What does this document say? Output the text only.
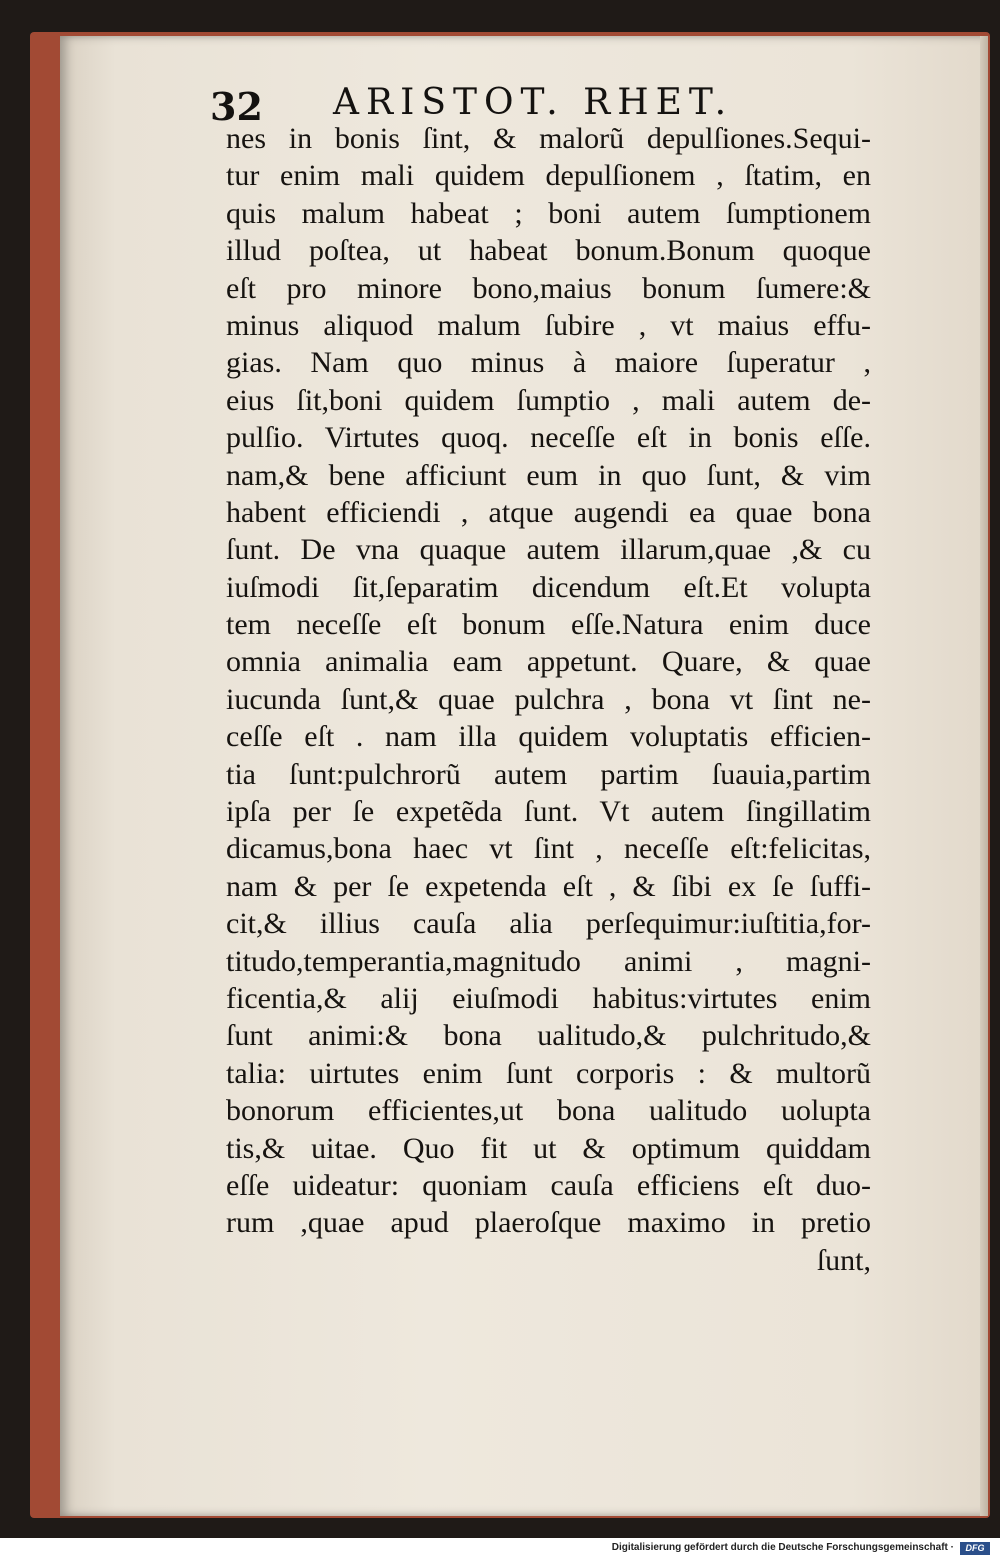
32 ARISTOT. RHET.
nes in bonis ſint, & malorũ depulſiones.Sequi-
tur enim mali quidem depulſionem , ſtatim, en
quis malum habeat ; boni autem ſumptionem
illud poſtea, ut habeat bonum.Bonum quoque
eſt pro minore bono,maius bonum ſumere:&
minus aliquod malum ſubire , vt maius effu-
gias. Nam quo minus à maiore ſuperatur ,
eius ſit,boni quidem ſumptio , mali autem de-
pulſio. Virtutes quoq. neceſſe eſt in bonis eſſe.
nam,& bene afficiunt eum in quo ſunt, & vim
habent efficiendi , atque augendi ea quae bona
ſunt. De vna quaque autem illarum,quae ,& cu
iuſmodi ſit,ſeparatim dicendum eſt.Et volupta
tem neceſſe eſt bonum eſſe.Natura enim duce
omnia animalia eam appetunt. Quare, & quae
iucunda ſunt,& quae pulchra , bona vt ſint ne-
ceſſe eſt . nam illa quidem voluptatis efficien-
tia ſunt:pulchrorũ autem partim ſuauia,partim
ipſa per ſe expetẽda ſunt. Vt autem ſingillatim
dicamus,bona haec vt ſint , neceſſe eſt:felicitas,
nam & per ſe expetenda eſt , & ſibi ex ſe ſuffi-
cit,& illius cauſa alia perſequimur:iuſtitia,for-
titudo,temperantia,magnitudo animi , magni-
ficentia,& alij eiuſmodi habitus:virtutes enim
ſunt animi:& bona ualitudo,& pulchritudo,&
talia: uirtutes enim ſunt corporis : & multorũ
bonorum efficientes,ut bona ualitudo uolupta
tis,& uitae. Quo fit ut & optimum quiddam
eſſe uideatur: quoniam cauſa efficiens eſt duo-
rum ,quae apud plaeroſque maximo in pretio
ſunt,
Digitalisierung gefördert durch die Deutsche Forschungsgemeinschaft ·	DFG
